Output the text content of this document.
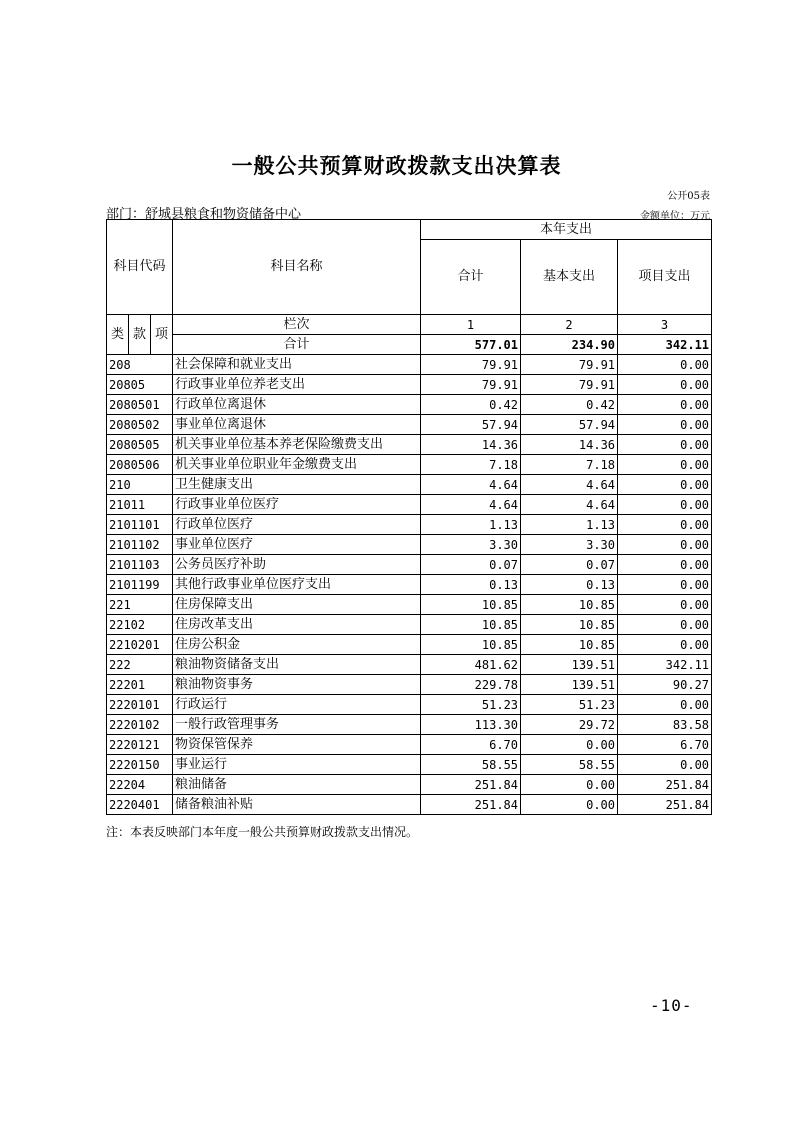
一般公共预算财政拨款支出决算表
公开05表
部门：舒城县粮食和物资储备中心	金额单位：万元
科目代码			科目名称	本年支出		
				合计	基本支出	项目支出
类	款	项	栏次	1	2	3
			合计	577.01	234.90	342.11
208			社会保障和就业支出	79.91	79.91	0.00
20805			行政事业单位养老支出	79.91	79.91	0.00
2080501			行政单位离退休	0.42	0.42	0.00
2080502			事业单位离退休	57.94	57.94	0.00
2080505			机关事业单位基本养老保险缴费支出	14.36	14.36	0.00
2080506			机关事业单位职业年金缴费支出	7.18	7.18	0.00
210			卫生健康支出	4.64	4.64	0.00
21011			行政事业单位医疗	4.64	4.64	0.00
2101101			行政单位医疗	1.13	1.13	0.00
2101102			事业单位医疗	3.30	3.30	0.00
2101103			公务员医疗补助	0.07	0.07	0.00
2101199			其他行政事业单位医疗支出	0.13	0.13	0.00
221			住房保障支出	10.85	10.85	0.00
22102			住房改革支出	10.85	10.85	0.00
2210201			住房公积金	10.85	10.85	0.00
222			粮油物资储备支出	481.62	139.51	342.11
22201			粮油物资事务	229.78	139.51	90.27
2220101			行政运行	51.23	51.23	0.00
2220102			一般行政管理事务	113.30	29.72	83.58
2220121			物资保管保养	6.70	0.00	6.70
2220150			事业运行	58.55	58.55	0.00
22204			粮油储备	251.84	0.00	251.84
2220401			储备粮油补贴	251.84	0.00	251.84
注：本表反映部门本年度一般公共预算财政拨款支出情况。
-10-
